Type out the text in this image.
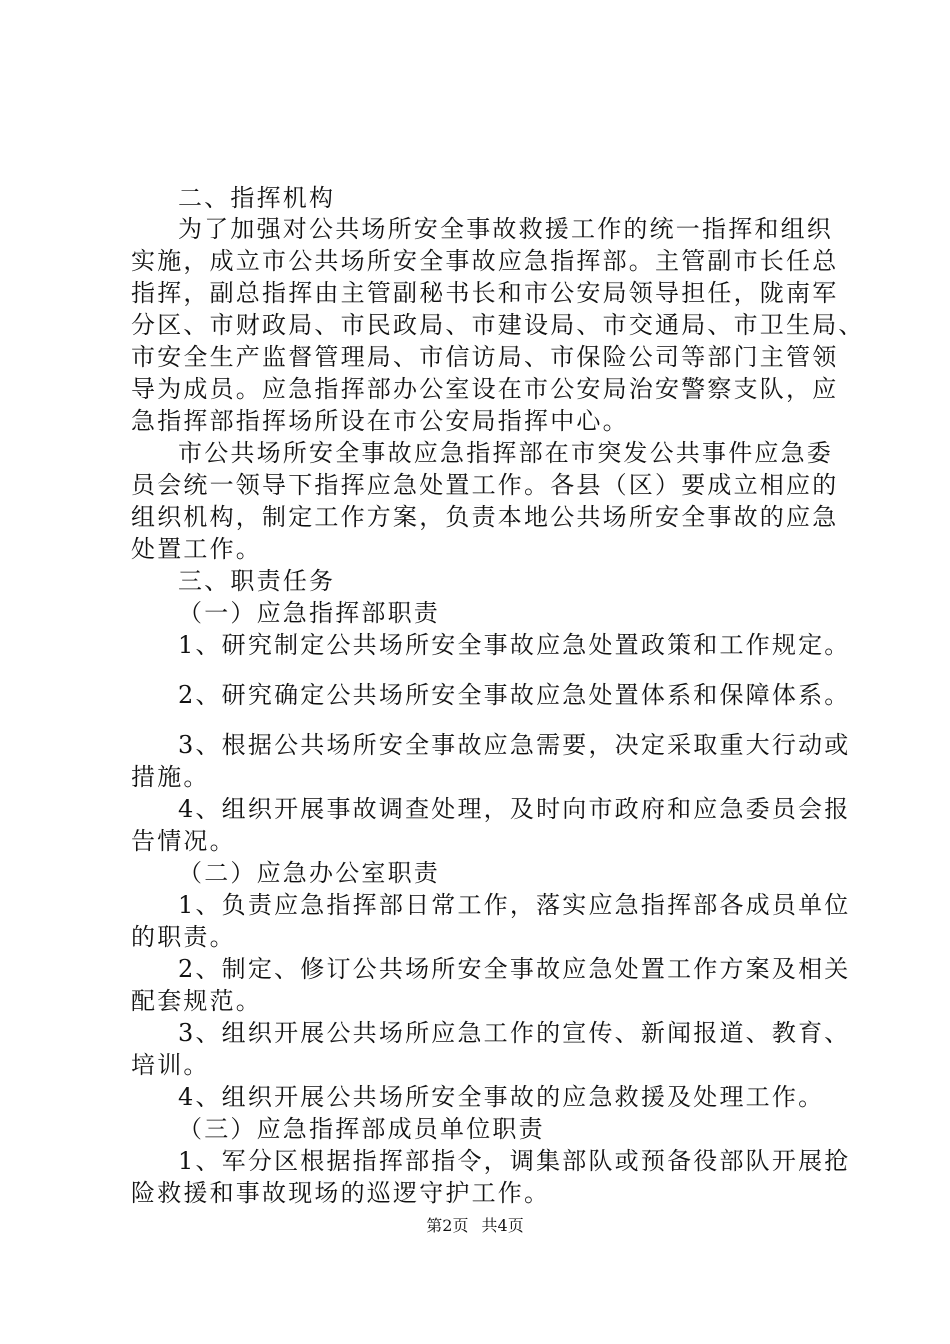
二、指挥机构
为了加强对公共场所安全事故救援工作的统一指挥和组织
实施，成立市公共场所安全事故应急指挥部。主管副市长任总
指挥，副总指挥由主管副秘书长和市公安局领导担任，陇南军
分区、市财政局、市民政局、市建设局、市交通局、市卫生局、
市安全生产监督管理局、市信访局、市保险公司等部门主管领
导为成员。应急指挥部办公室设在市公安局治安警察支队，应
急指挥部指挥场所设在市公安局指挥中心。
市公共场所安全事故应急指挥部在市突发公共事件应急委
员会统一领导下指挥应急处置工作。各县（区）要成立相应的
组织机构，制定工作方案，负责本地公共场所安全事故的应急
处置工作。
三、职责任务
（一）应急指挥部职责
1、研究制定公共场所安全事故应急处置政策和工作规定。
2、研究确定公共场所安全事故应急处置体系和保障体系。
3、根据公共场所安全事故应急需要，决定采取重大行动或
措施。
4、组织开展事故调查处理，及时向市政府和应急委员会报
告情况。
（二）应急办公室职责
1、负责应急指挥部日常工作，落实应急指挥部各成员单位
的职责。
2、制定、修订公共场所安全事故应急处置工作方案及相关
配套规范。
3、组织开展公共场所应急工作的宣传、新闻报道、教育、
培训。
4、组织开展公共场所安全事故的应急救援及处理工作。
（三）应急指挥部成员单位职责
1、军分区根据指挥部指令，调集部队或预备役部队开展抢
险救援和事故现场的巡逻守护工作。
第2页 共4页
